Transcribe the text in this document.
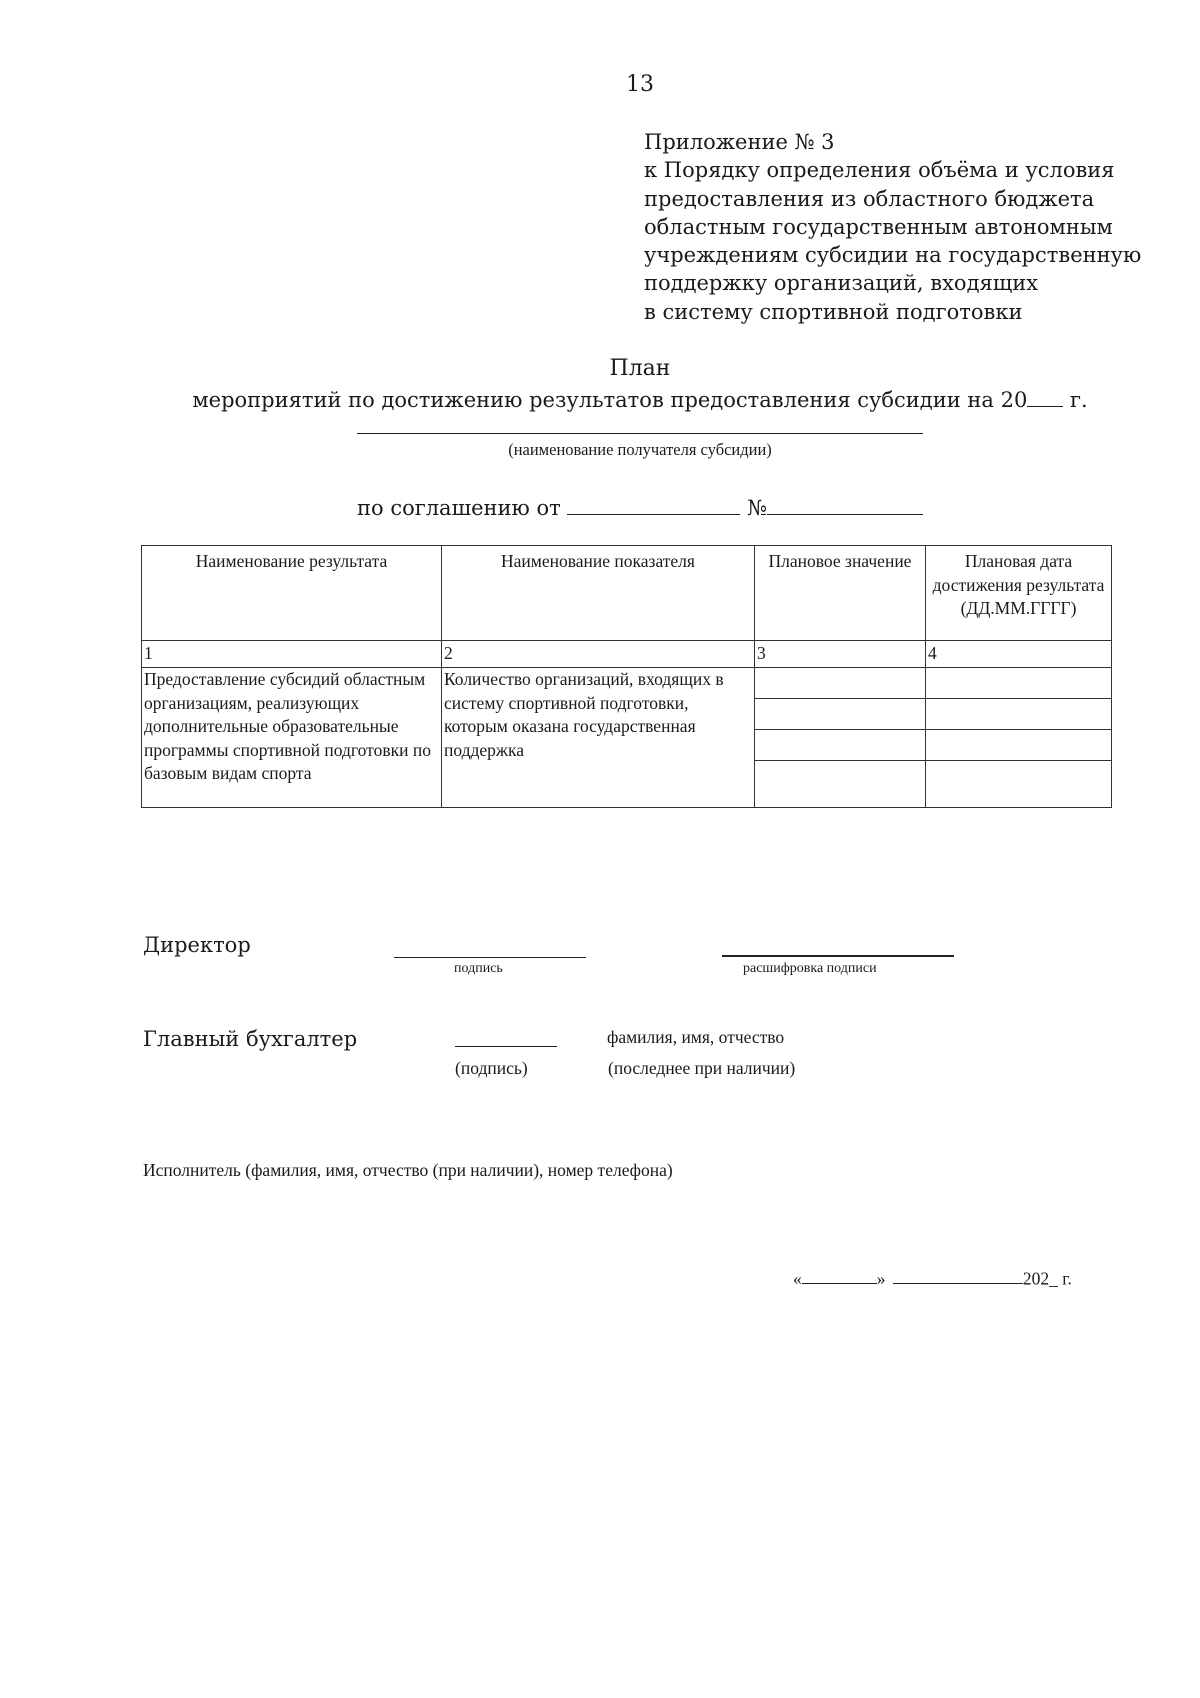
13
Приложение № 3
к Порядку определения объёма и условия
предоставления из областного бюджета
областным государственным автономным
учреждениям субсидии на государственную
поддержку организаций, входящих
в систему спортивной подготовки
План
мероприятий по достижению результатов предоставления субсидии на 20 г.
(наименование получателя субсидии)
по соглашению от	№
Наименование результата	Наименование показателя	Плановое значение	Плановая дата достижения результата (ДД.ММ.ГГГГ)
1	2	3	4
Предоставление субсидий областным организациям, реализующих дополнительные образовательные программы спортивной подготовки по базовым видам спорта	Количество организаций, входящих в систему спортивной подготовки, которым оказана государственная поддержка		

Директор
подпись	расшифровка подписи
Главный бухгалтер	фамилия, имя, отчество
(подпись)	(последнее при наличии)
Исполнитель (фамилия, имя, отчество (при наличии), номер телефона)
«	»	202_ г.
